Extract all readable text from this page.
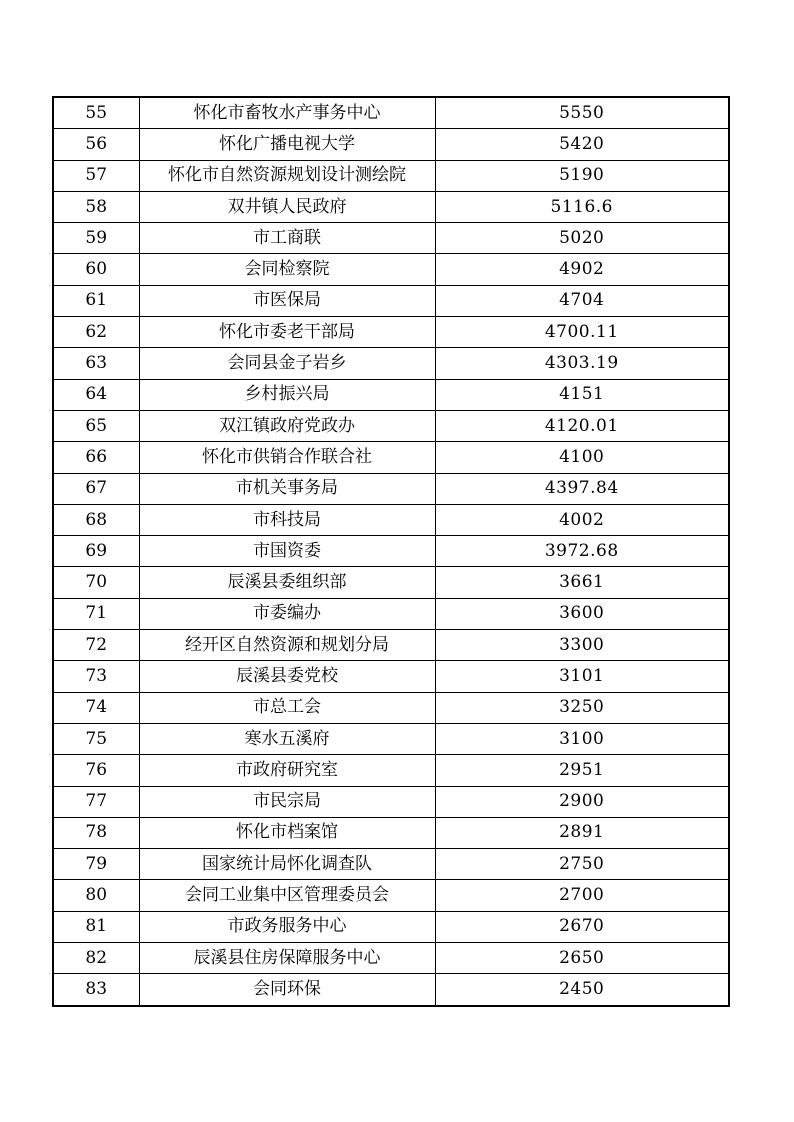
55	怀化市畜牧水产事务中心	5550
56	怀化广播电视大学	5420
57	怀化市自然资源规划设计测绘院	5190
58	双井镇人民政府	5116.6
59	市工商联	5020
60	会同检察院	4902
61	市医保局	4704
62	怀化市委老干部局	4700.11
63	会同县金子岩乡	4303.19
64	乡村振兴局	4151
65	双江镇政府党政办	4120.01
66	怀化市供销合作联合社	4100
67	市机关事务局	4397.84
68	市科技局	4002
69	市国资委	3972.68
70	辰溪县委组织部	3661
71	市委编办	3600
72	经开区自然资源和规划分局	3300
73	辰溪县委党校	3101
74	市总工会	3250
75	寒水五溪府	3100
76	市政府研究室	2951
77	市民宗局	2900
78	怀化市档案馆	2891
79	国家统计局怀化调查队	2750
80	会同工业集中区管理委员会	2700
81	市政务服务中心	2670
82	辰溪县住房保障服务中心	2650
83	会同环保	2450
